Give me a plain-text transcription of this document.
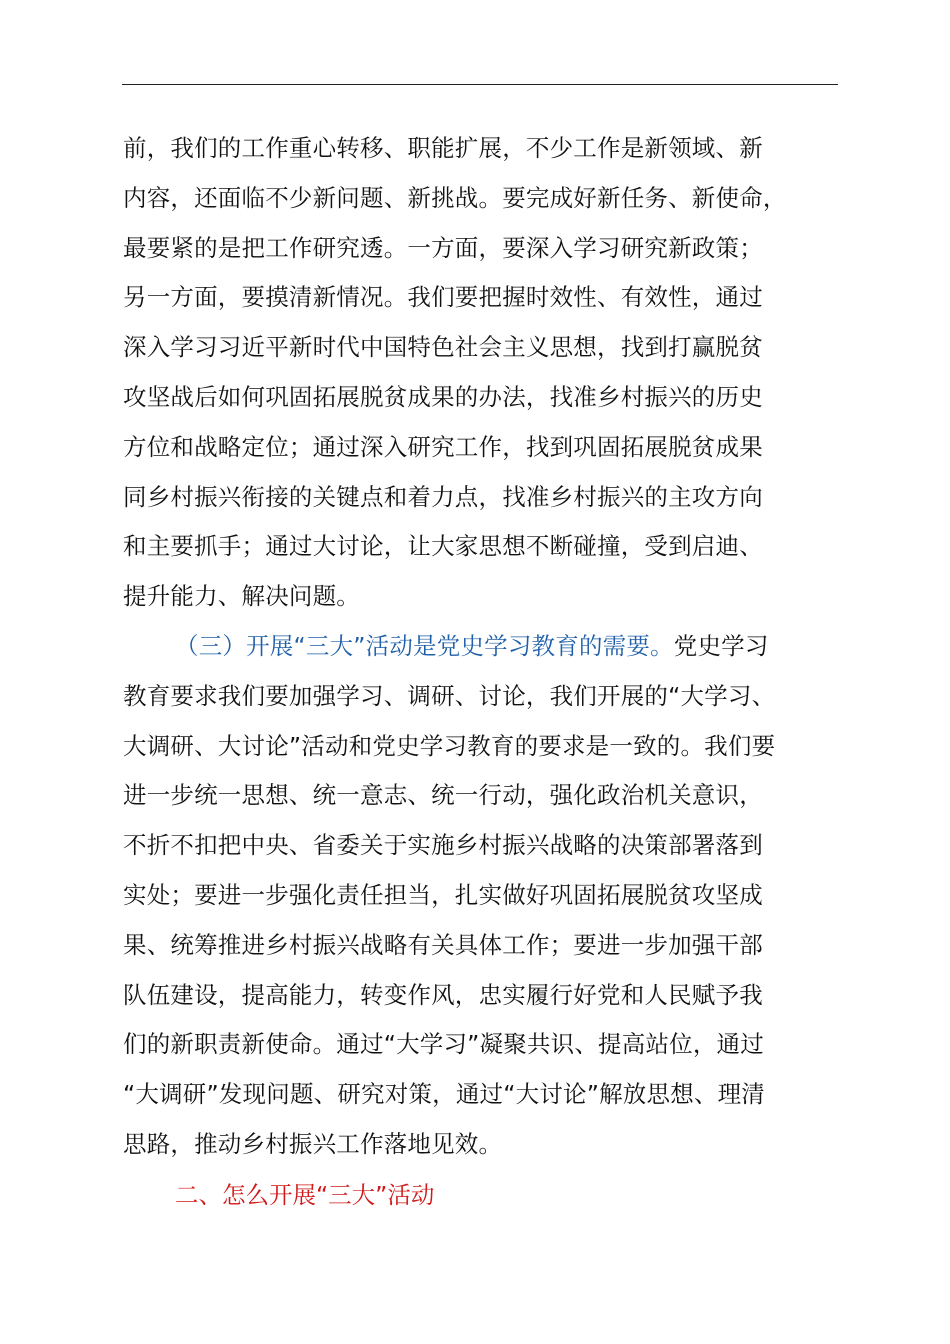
前，我们的工作重心转移、职能扩展，不少工作是新领域、新
内容，还面临不少新问题、新挑战。要完成好新任务、新使命，
最要紧的是把工作研究透。一方面，要深入学习研究新政策；
另一方面，要摸清新情况。我们要把握时效性、有效性，通过
深入学习习近平新时代中国特色社会主义思想，找到打赢脱贫
攻坚战后如何巩固拓展脱贫成果的办法，找准乡村振兴的历史
方位和战略定位；通过深入研究工作，找到巩固拓展脱贫成果
同乡村振兴衔接的关键点和着力点，找准乡村振兴的主攻方向
和主要抓手；通过大讨论，让大家思想不断碰撞，受到启迪、
提升能力、解决问题。
（三）开展“三大”活动是党史学习教育的需要。党史学习
教育要求我们要加强学习、调研、讨论，我们开展的“大学习、
大调研、大讨论”活动和党史学习教育的要求是一致的。我们要
进一步统一思想、统一意志、统一行动，强化政治机关意识，
不折不扣把中央、省委关于实施乡村振兴战略的决策部署落到
实处；要进一步强化责任担当，扎实做好巩固拓展脱贫攻坚成
果、统筹推进乡村振兴战略有关具体工作；要进一步加强干部
队伍建设，提高能力，转变作风，忠实履行好党和人民赋予我
们的新职责新使命。通过“大学习”凝聚共识、提高站位，通过
“大调研”发现问题、研究对策，通过“大讨论”解放思想、理清
思路，推动乡村振兴工作落地见效。
二、怎么开展“三大”活动
